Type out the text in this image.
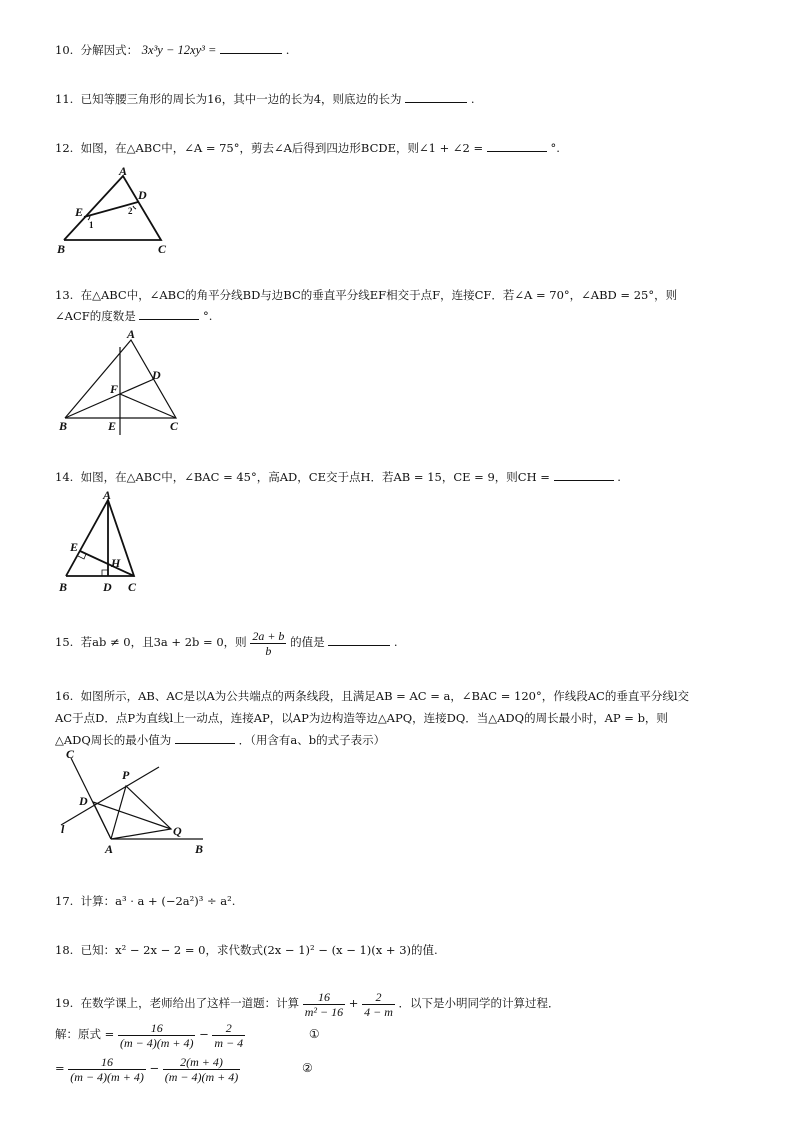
10. 分解因式： 3x³y − 12xy³ =	.
11. 已知等腰三角形的周长为16，其中一边的长为4，则底边的长为	.
12. 如图，在△ABC中，∠A = 75°，剪去∠A后得到四边形BCDE，则∠1 + ∠2 =	°.
A
B	C
D
E
1
2
13. 在△ABC中，∠ABC的角平分线BD与边BC的垂直平分线EF相交于点F，连接CF．若∠A = 70°，∠ABD = 25°，则
∠ACF的度数是	°.
A
B	C
D
E
F
14. 如图，在△ABC中，∠BAC = 45°，高AD，CE交于点H．若AB = 15，CE = 9，则CH =	.
A
B	C
D
E
H
15. 若ab ≠ 0，且3a + 2b = 0，则 $\frac{2a + b}{b}$ 的值是	.
16. 如图所示，AB、AC是以A为公共端点的两条线段，且满足AB = AC = a，∠BAC = 120°，作线段AC的垂直平分线l交
AC于点D．点P为直线l上一动点，连接AP，以AP为边构造等边△APQ，连接DQ．当△ADQ的周长最小时，AP = b，则
△ADQ周长的最小值为	．（用含有a、b的式子表示）
C
D
P
Q
l
A	B
17. 计算：a³ · a + (−2a²)³ ÷ a².
18. 已知：x² − 2x − 2 = 0，求代数式(2x − 1)² − (x − 1)(x + 3)的值.
19. 在数学课上，老师给出了这样一道题：计算 $\frac{16}{\text{m² − 16}} + \frac{2}{4 - m}$ ．以下是小明同学的计算过程．
解：原式 = $\frac{16}{(m - 4)(m + 4)} - \frac{2}{m - 4}$	①
= $\frac{16}{(m - 4)(m + 4)} - \frac{2(m + 4)}{(m - 4)(m + 4)}$	②
